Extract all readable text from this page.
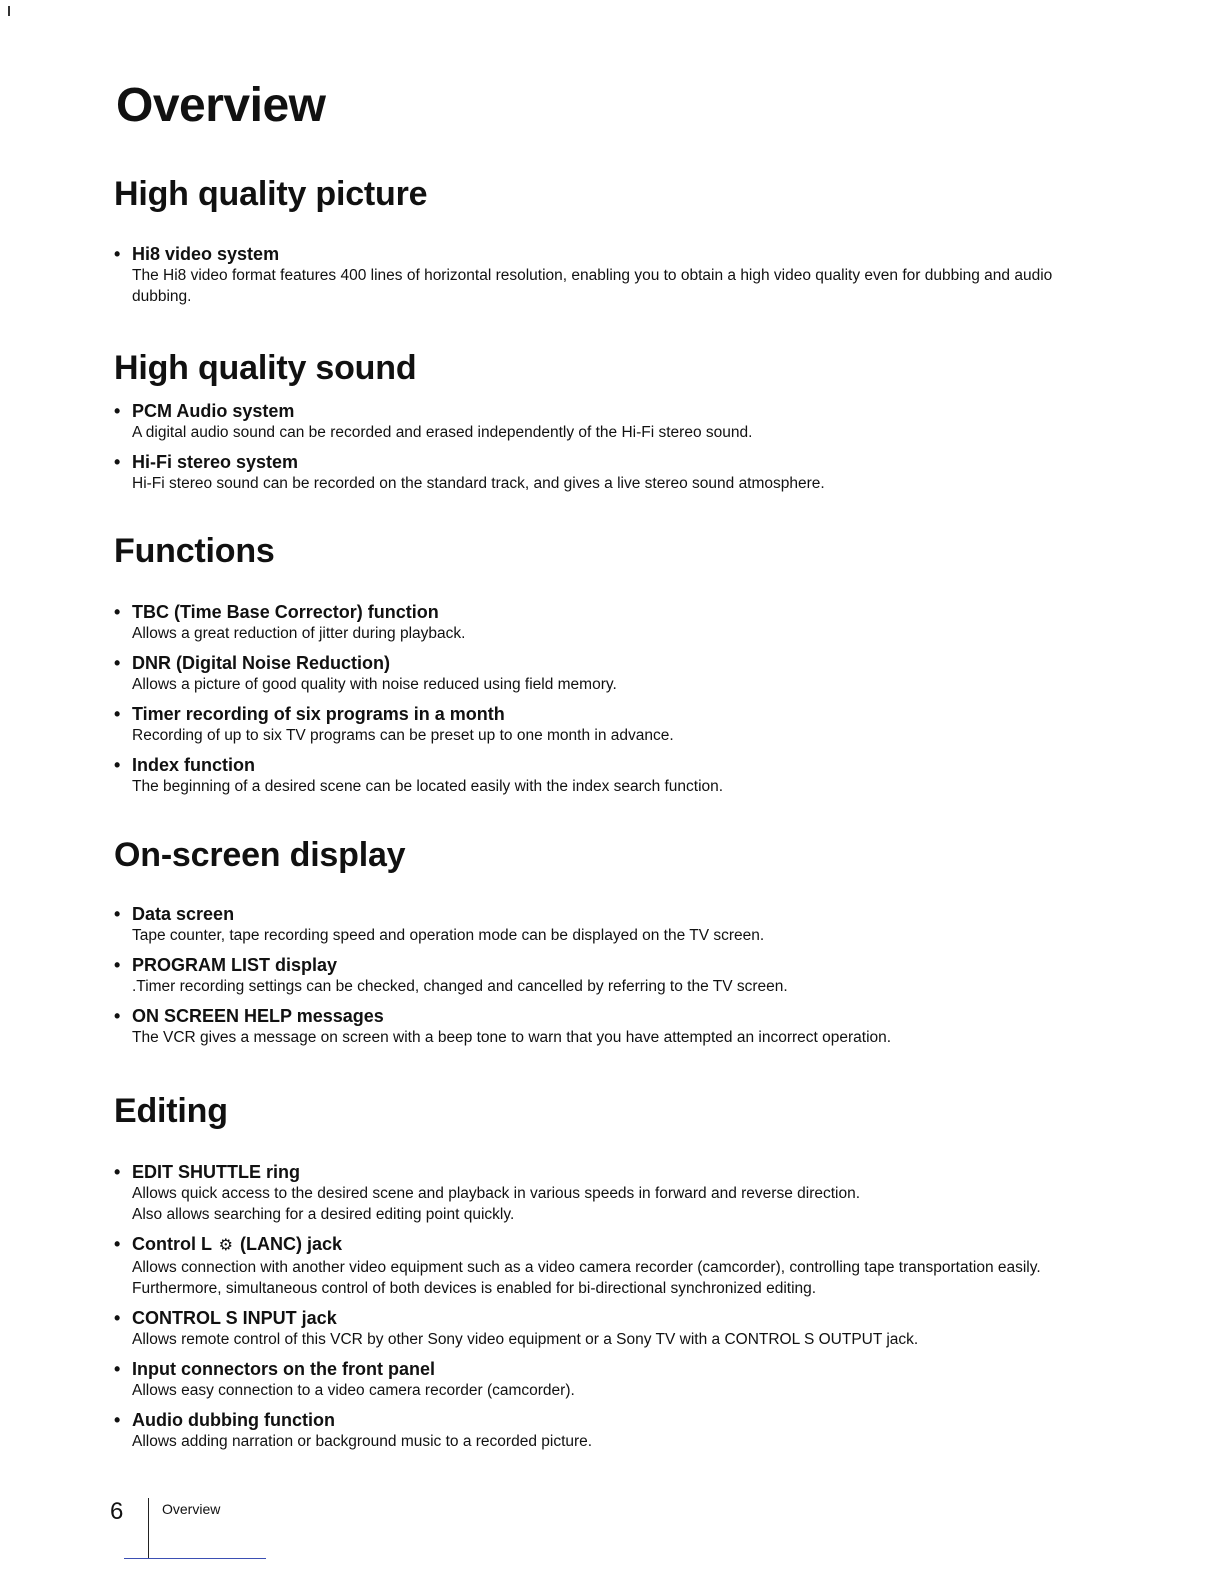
Overview
High quality picture
• Hi8 video system
The Hi8 video format features 400 lines of horizontal resolution, enabling you to obtain a high video quality even for dubbing and audio dubbing.
High quality sound
• PCM Audio system
A digital audio sound can be recorded and erased independently of the Hi-Fi stereo sound.
• Hi-Fi stereo system
Hi-Fi stereo sound can be recorded on the standard track, and gives a live stereo sound atmosphere.
Functions
• TBC (Time Base Corrector) function
Allows a great reduction of jitter during playback.
• DNR (Digital Noise Reduction)
Allows a picture of good quality with noise reduced using field memory.
• Timer recording of six programs in a month
Recording of up to six TV programs can be preset up to one month in advance.
• Index function
The beginning of a desired scene can be located easily with the index search function.
On-screen display
• Data screen
Tape counter, tape recording speed and operation mode can be displayed on the TV screen.
• PROGRAM LIST display
.Timer recording settings can be checked, changed and cancelled by referring to the TV screen.
• ON SCREEN HELP messages
The VCR gives a message on screen with a beep tone to warn that you have attempted an incorrect operation.
Editing
• EDIT SHUTTLE ring
Allows quick access to the desired scene and playback in various speeds in forward and reverse direction.
Also allows searching for a desired editing point quickly.
• Control L ⚙ (LANC) jack
Allows connection with another video equipment such as a video camera recorder (camcorder), controlling tape transportation easily. Furthermore, simultaneous control of both devices is enabled for bi-directional synchronized editing.
• CONTROL S INPUT jack
Allows remote control of this VCR by other Sony video equipment or a Sony TV with a CONTROL S OUTPUT jack.
• Input connectors on the front panel
Allows easy connection to a video camera recorder (camcorder).
• Audio dubbing function
Allows adding narration or background music to a recorded picture.
6	Overview
